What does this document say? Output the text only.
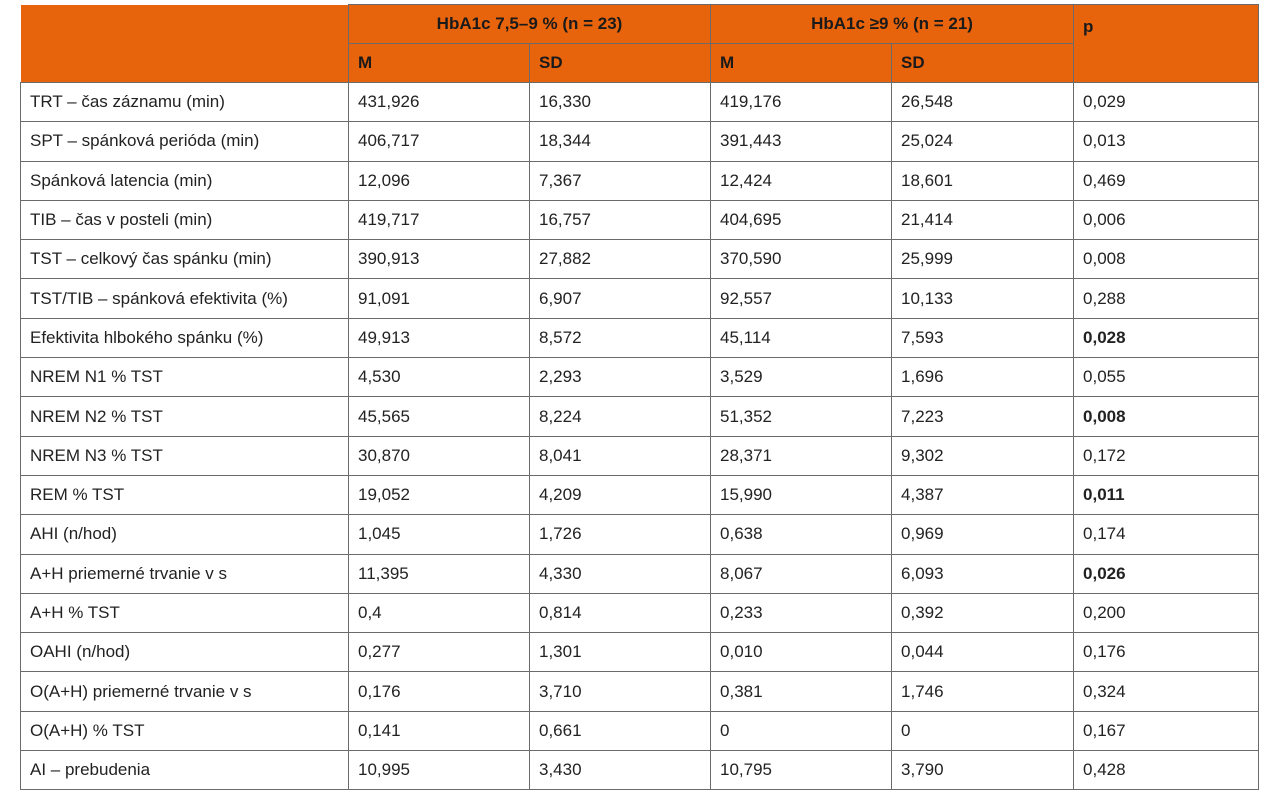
	HbA1c 7,5–9 % (n = 23)		HbA1c ≥9 % (n = 21)		p
	M	SD	M	SD	
TRT – čas záznamu (min)	431,926	16,330	419,176	26,548	0,029
SPT – spánková perióda (min)	406,717	18,344	391,443	25,024	0,013
Spánková latencia (min)	12,096	7,367	12,424	18,601	0,469
TIB – čas v posteli (min)	419,717	16,757	404,695	21,414	0,006
TST – celkový čas spánku (min)	390,913	27,882	370,590	25,999	0,008
TST/TIB – spánková efektivita (%)	91,091	6,907	92,557	10,133	0,288
Efektivita hlbokého spánku (%)	49,913	8,572	45,114	7,593	0,028
NREM N1 % TST	4,530	2,293	3,529	1,696	0,055
NREM N2 % TST	45,565	8,224	51,352	7,223	0,008
NREM N3 % TST	30,870	8,041	28,371	9,302	0,172
REM % TST	19,052	4,209	15,990	4,387	0,011
AHI (n/hod)	1,045	1,726	0,638	0,969	0,174
A+H priemerné trvanie v s	11,395	4,330	8,067	6,093	0,026
A+H % TST	0,4	0,814	0,233	0,392	0,200
OAHI (n/hod)	0,277	1,301	0,010	0,044	0,176
O(A+H) priemerné trvanie v s	0,176	3,710	0,381	1,746	0,324
O(A+H) % TST	0,141	0,661	0	0	0,167
AI – prebudenia	10,995	3,430	10,795	3,790	0,428
